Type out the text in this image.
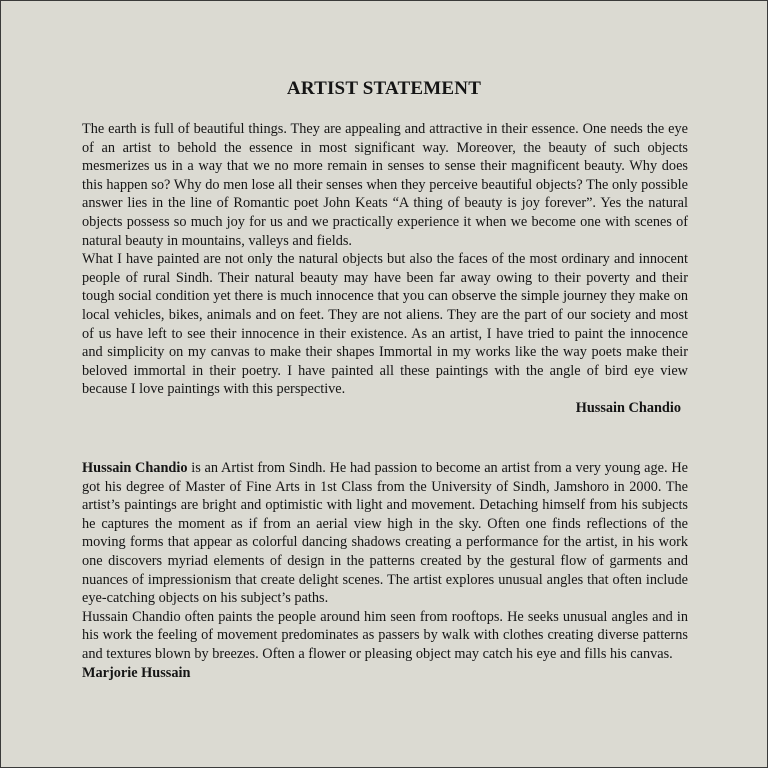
ARTIST STATEMENT

The earth is full of beautiful things. They are appealing and attractive in their essence. One needs the eye of an artist to behold the essence in most significant way. Moreover, the beauty of such objects mesmerizes us in a way that we no more remain in senses to sense their magnificent beauty. Why does this happen so? Why do men lose all their senses when they perceive beautiful objects? The only possible answer lies in the line of Romantic poet John Keats “A thing of beauty is joy forever”. Yes the natural objects possess so much joy for us and we practically experience it when we become one with scenes of natural beauty in mountains, valleys and fields.

What I have painted are not only the natural objects but also the faces of the most ordinary and innocent people of rural Sindh. Their natural beauty may have been far away owing to their poverty and their tough social condition yet there is much innocence that you can observe the simple journey they make on local vehicles, bikes, animals and on feet. They are not aliens. They are the part of our society and most of us have left to see their innocence in their existence. As an artist, I have tried to paint the innocence and simplicity on my canvas to make their shapes Immortal in my works like the way poets make their beloved immortal in their poetry. I have painted all these paintings with the angle of bird eye view because I love paintings with this perspective.

Hussain Chandio

Hussain Chandio is an Artist from Sindh. He had passion to become an artist from a very young age. He got his degree of Master of Fine Arts in 1st Class from the University of Sindh, Jamshoro in 2000. The artist’s paintings are bright and optimistic with light and movement. Detaching himself from his subjects he captures the moment as if from an aerial view high in the sky. Often one finds reflections of the moving forms that appear as colorful dancing shadows creating a performance for the artist, in his work one discovers myriad elements of design in the patterns created by the gestural flow of garments and nuances of impressionism that create delight scenes. The artist explores unusual angles that often include eye-catching objects on his subject’s paths.

Hussain Chandio often paints the people around him seen from rooftops. He seeks unusual angles and in his work the feeling of movement predominates as passers by walk with clothes creating diverse patterns and textures blown by breezes. Often a flower or pleasing object may catch his eye and fills his canvas.

Marjorie Hussain
